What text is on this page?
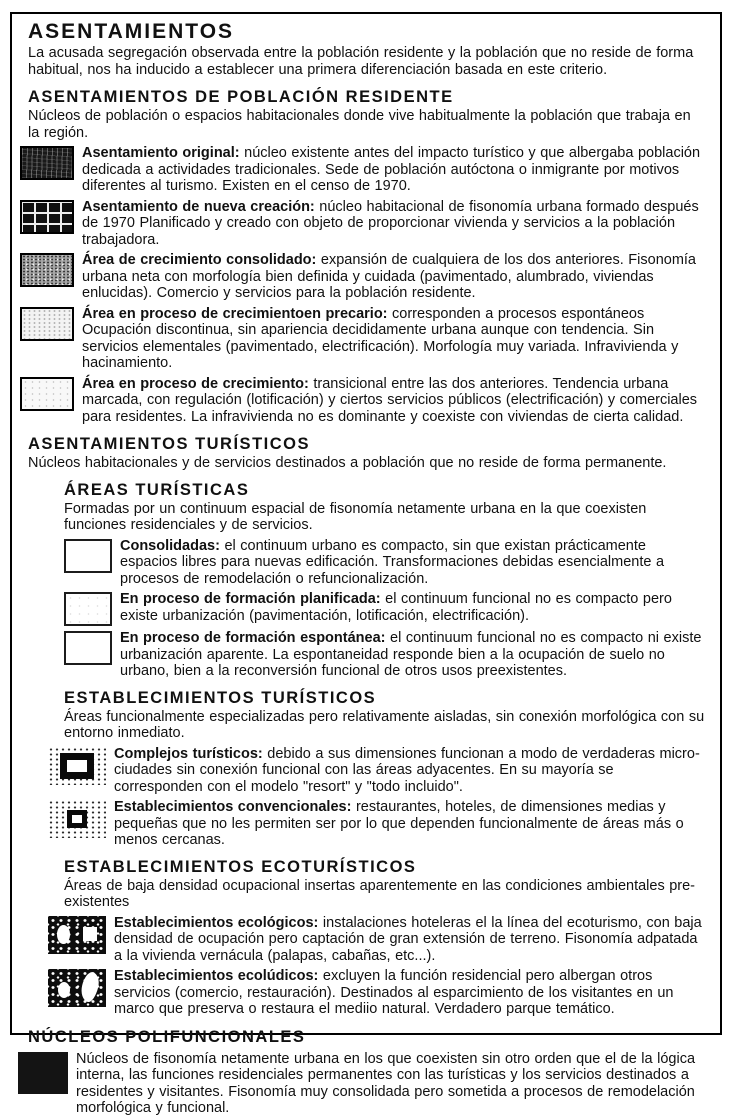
ASENTAMIENTOS

La acusada segregación observada entre la población residente y la población que no reside de forma habitual, nos ha inducido a establecer una primera diferenciación basada en este criterio.

ASENTAMIENTOS DE POBLACIÓN RESIDENTE

Núcleos de población o espacios habitacionales donde vive habitualmente la población que trabaja en la región.

Asentamiento original: núcleo existente antes del impacto turístico y que albergaba población dedicada a actividades tradicionales. Sede de población autóctona o inmigrante por motivos diferentes al turismo. Existen en el censo de 1970.

Asentamiento de nueva creación: núcleo habitacional de fisonomía urbana formado después de 1970 Planificado y creado con objeto de proporcionar vivienda y servicios a la población trabajadora.

Área de crecimiento consolidado: expansión de cualquiera de los dos anteriores. Fisonomía urbana neta con morfología bien definida y cuidada (pavimentado, alumbrado, viviendas enlucidas). Comercio y servicios para la población residente.

Área en proceso de crecimientoen precario: corresponden a procesos espontáneos Ocupación discontinua, sin apariencia decididamente urbana aunque con tendencia. Sin servicios elementales (pavimentado, electrificación). Morfología muy variada. Infravivienda y hacinamiento.

Área en proceso de crecimiento: transicional entre las dos anteriores. Tendencia urbana marcada, con regulación (lotificación) y ciertos servicios públicos (electrificación) y comerciales para residentes. La infravivienda no es dominante y coexiste con viviendas de cierta calidad.

ASENTAMIENTOS TURÍSTICOS

Núcleos habitacionales y de servicios destinados a población que no reside de forma permanente.

ÁREAS TURÍSTICAS

Formadas por un continuum espacial de fisonomía netamente urbana en la que coexisten funciones residenciales y de servicios.

Consolidadas: el continuum urbano es compacto, sin que existan prácticamente espacios libres para nuevas edificación. Transformaciones debidas esencialmente a procesos de remodelación o refuncionalización.

En proceso de formación planificada: el continuum funcional no es compacto pero existe urbanización (pavimentación, lotificación, electrificación).

En proceso de formación espontánea: el continuum funcional no es compacto ni existe urbanización aparente. La espontaneidad responde bien a la ocupación de suelo no urbano, bien a la reconversión funcional de otros usos preexistentes.

ESTABLECIMIENTOS TURÍSTICOS

Áreas funcionalmente especializadas pero relativamente aisladas, sin conexión morfológica con su entorno inmediato.

Complejos turísticos: debido a sus dimensiones funcionan a modo de verdaderas micro-ciudades sin conexión funcional con las áreas adyacentes. En su mayoría se corresponden con el modelo "resort" y "todo incluido".

Establecimientos convencionales: restaurantes, hoteles, de dimensiones medias y pequeñas que no les permiten ser por lo que dependen funcionalmente de áreas más o menos cercanas.

ESTABLECIMIENTOS ECOTURÍSTICOS

Áreas de baja densidad ocupacional insertas aparentemente en las condiciones ambientales pre-existentes

Establecimientos ecológicos: instalaciones hoteleras el la línea del ecoturismo, con baja densidad de ocupación pero captación de gran extensión de terreno. Fisonomía adpatada a la vivienda vernácula (palapas, cabañas, etc...).

Establecimientos ecolúdicos: excluyen la función residencial pero albergan otros servicios (comercio, restauración). Destinados al esparcimiento de los visitantes en un marco que preserva o restaura el mediio natural. Verdadero parque temático.

NÚCLEOS POLIFUNCIONALES

Núcleos de fisonomía netamente urbana en los que coexisten sin otro orden que el de la lógica interna, las funciones residenciales permanentes con las turísticas y los servicios destinados a residentes y visitantes. Fisonomía muy consolidada pero sometida a procesos de remodelación morfológica y funcional.
